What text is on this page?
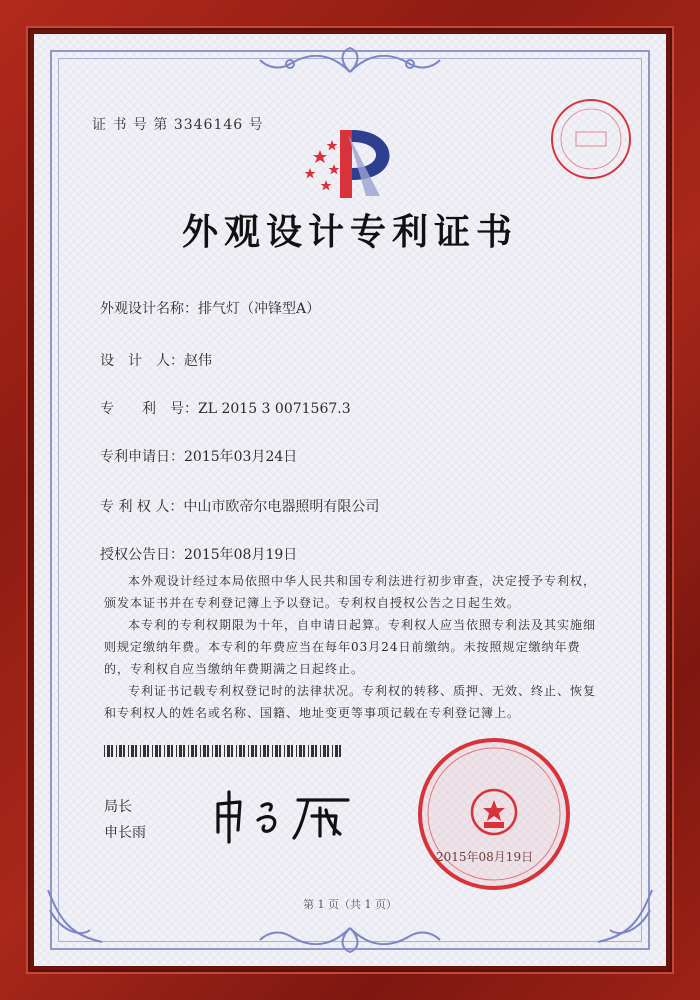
证 书 号 第 3346146 号
外观设计专利证书
外观设计名称：排气灯（冲锋型A）
设　计　人：赵伟
专　　利　号：ZL 2015 3 0071567.3
专利申请日：2015年03月24日
专 利 权 人：中山市欧帝尔电器照明有限公司
授权公告日：2015年08月19日

本外观设计经过本局依照中华人民共和国专利法进行初步审查，决定授予专利权，颁发本证书并在专利登记簿上予以登记。专利权自授权公告之日起生效。

本专利的专利权期限为十年，自申请日起算。专利权人应当依照专利法及其实施细则规定缴纳年费。本专利的年费应当在每年03月24日前缴纳。未按照规定缴纳年费的，专利权自应当缴纳年费期满之日起终止。

专利证书记载专利权登记时的法律状况。专利权的转移、质押、无效、终止、恢复和专利权人的姓名或名称、国籍、地址变更等事项记载在专利登记簿上。

局长
申长雨
2015年08月19日
第 1 页（共 1 页）
